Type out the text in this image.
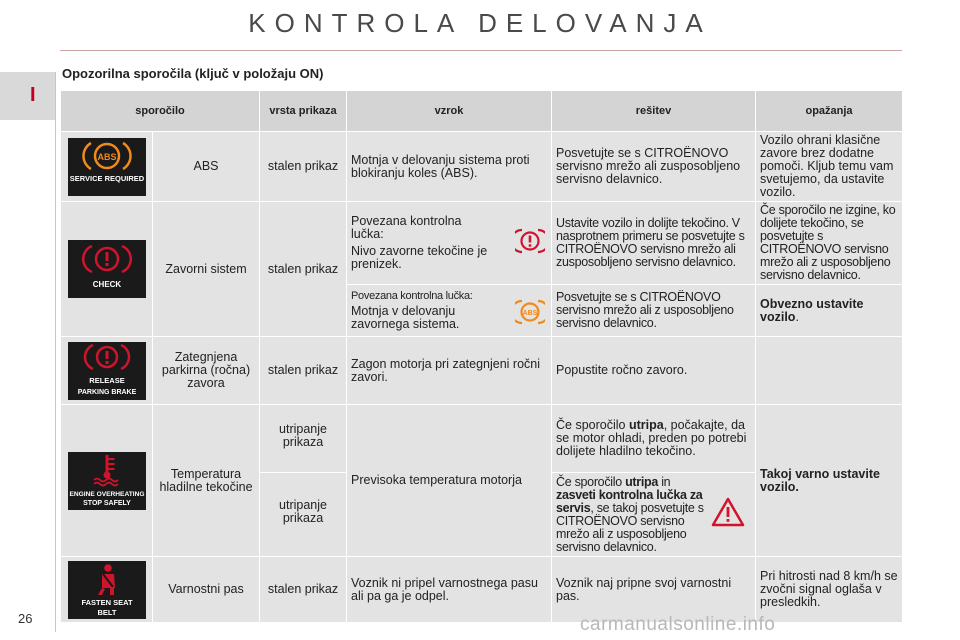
KONTROLA DELOVANJA
I
Opozorilna sporočila (ključ v položaju ON)
sporočilo		vrsta prikaza	vzrok	rešitev	opažanja

ABS
SERVICE REQUIRED	ABS	stalen prikaz	Motnja v delovanju sistema proti blokiranju koles (ABS).	Posvetujte se s CITROËNOVO servisno mrežo ali zusposobljeno servisno delavnico.	Vozilo ohrani klasične zavore brez dodatne pomoči. Kljub temu vam svetujemo, da ustavite vozilo.

CHECK	Zavorni sistem	stalen prikaz	Povezana kontrolna lučka:
Nivo zavorne tekočine je prenizek.	Ustavite vozilo in dolijte tekočino. V nasprotnem primeru se posvetujte s CITROËNOVO servisno mrežo ali zusposobljeno servisno delavnico.	Če sporočilo ne izgine, ko dolijete tekočino, se posvetujte s CITROËNOVO servisno mrežo ali z usposobljeno servisno delavnico.

			Povezana kontrolna lučka:
Motnja v delovanju zavornega sistema.
ABS	Posvetujte se s CITROËNOVO servisno mrežo ali z usposobljeno servisno delavnico.	Obvezno ustavite vozilo.

RELEASE
PARKING BRAKE	Zategnjena parkirna (ročna) zavora	stalen prikaz	Zagon motorja pri zategnjeni ročni zavori.	Popustite ročno zavoro.	

ENGINE OVERHEATING
STOP SAFELY	Temperatura hladilne tekočine	utripanje prikaza	Previsoka temperatura motorja	Če sporočilo utripa, počakajte, da se motor ohladi, preden po potrebi dolijete hladilno tekočino.	Takoj varno ustavite vozilo.
		utripanje prikaza		Če sporočilo utripa in zasveti kontrolna lučka za servis, se takoj posvetujte s CITROËNOVO servisno mrežo ali z usposobljeno servisno delavnico.	

FASTEN SEAT
BELT	Varnostni pas	stalen prikaz	Voznik ni pripel varnostnega pasu ali pa ga je odpel.	Voznik naj pripne svoj varnostni pas.	Pri hitrosti nad 8 km/h se zvočni signal oglaša v presledkih.
26	carmanualsonline.info
